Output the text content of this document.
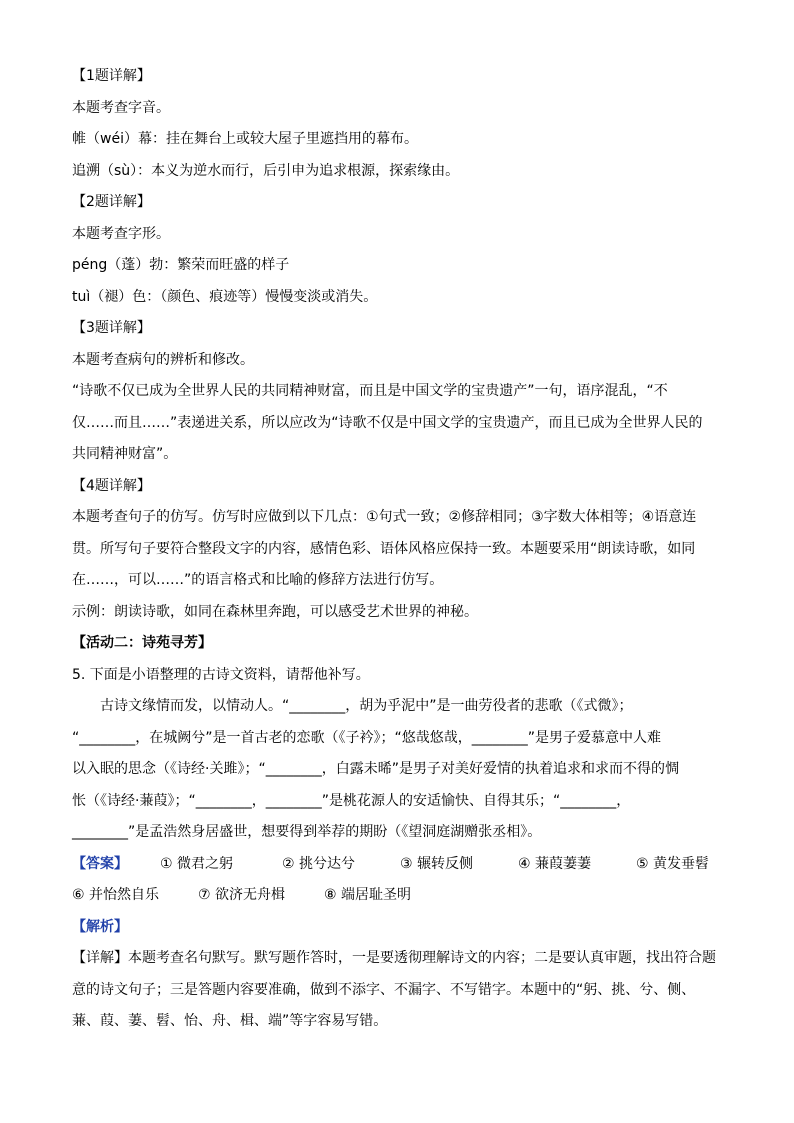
【1题详解】
本题考查字音。
帷（wéi）幕：挂在舞台上或较大屋子里遮挡用的幕布。
追溯（sù）：本义为逆水而行，后引申为追求根源，探索缘由。
【2题详解】
本题考查字形。
péng（蓬）勃：繁荣而旺盛的样子
tuì（褪）色：（颜色、痕迹等）慢慢变淡或消失。
【3题详解】
本题考查病句的辨析和修改。
“诗歌不仅已成为全世界人民的共同精神财富，而且是中国文学的宝贵遗产”一句，语序混乱，“不
仅……而且……”表递进关系，所以应改为“诗歌不仅是中国文学的宝贵遗产，而且已成为全世界人民的
共同精神财富”。
【4题详解】
本题考查句子的仿写。仿写时应做到以下几点：①句式一致；②修辞相同；③字数大体相等；④语意连
贯。所写句子要符合整段文字的内容，感情色彩、语体风格应保持一致。本题要采用“朗读诗歌，如同
在……，可以……”的语言格式和比喻的修辞方法进行仿写。
示例：朗读诗歌，如同在森林里奔跑，可以感受艺术世界的神秘。
【活动二：诗苑寻芳】
5. 下面是小语整理的古诗文资料，请帮他补写。
古诗文缘情而发，以情动人。“________，胡为乎泥中”是一曲劳役者的悲歌（《式微》；
“________，在城阙兮”是一首古老的恋歌（《子衿》；“悠哉悠哉，________”是男子爱慕意中人难
以入眠的思念（《诗经·关雎》；“________，白露未晞”是男子对美好爱情的执着追求和求而不得的惆
怅（《诗经·蒹葭》；“________，________”是桃花源人的安适愉快、自得其乐；“________，
________”是孟浩然身居盛世，想要得到举荐的期盼（《望洞庭湖赠张丞相》。
【答案】 ① 微君之躬	② 挑兮达兮	③ 辗转反侧	④ 蒹葭萋萋	⑤ 黄发垂髫
⑥ 并怡然自乐	⑦ 欲济无舟楫	⑧ 端居耻圣明
【解析】
【详解】本题考查名句默写。默写题作答时，一是要透彻理解诗文的内容；二是要认真审题，找出符合题
意的诗文句子；三是答题内容要准确，做到不添字、不漏字、不写错字。本题中的“躬、挑、兮、侧、
蒹、葭、萋、髫、怡、舟、楫、端”等字容易写错。
